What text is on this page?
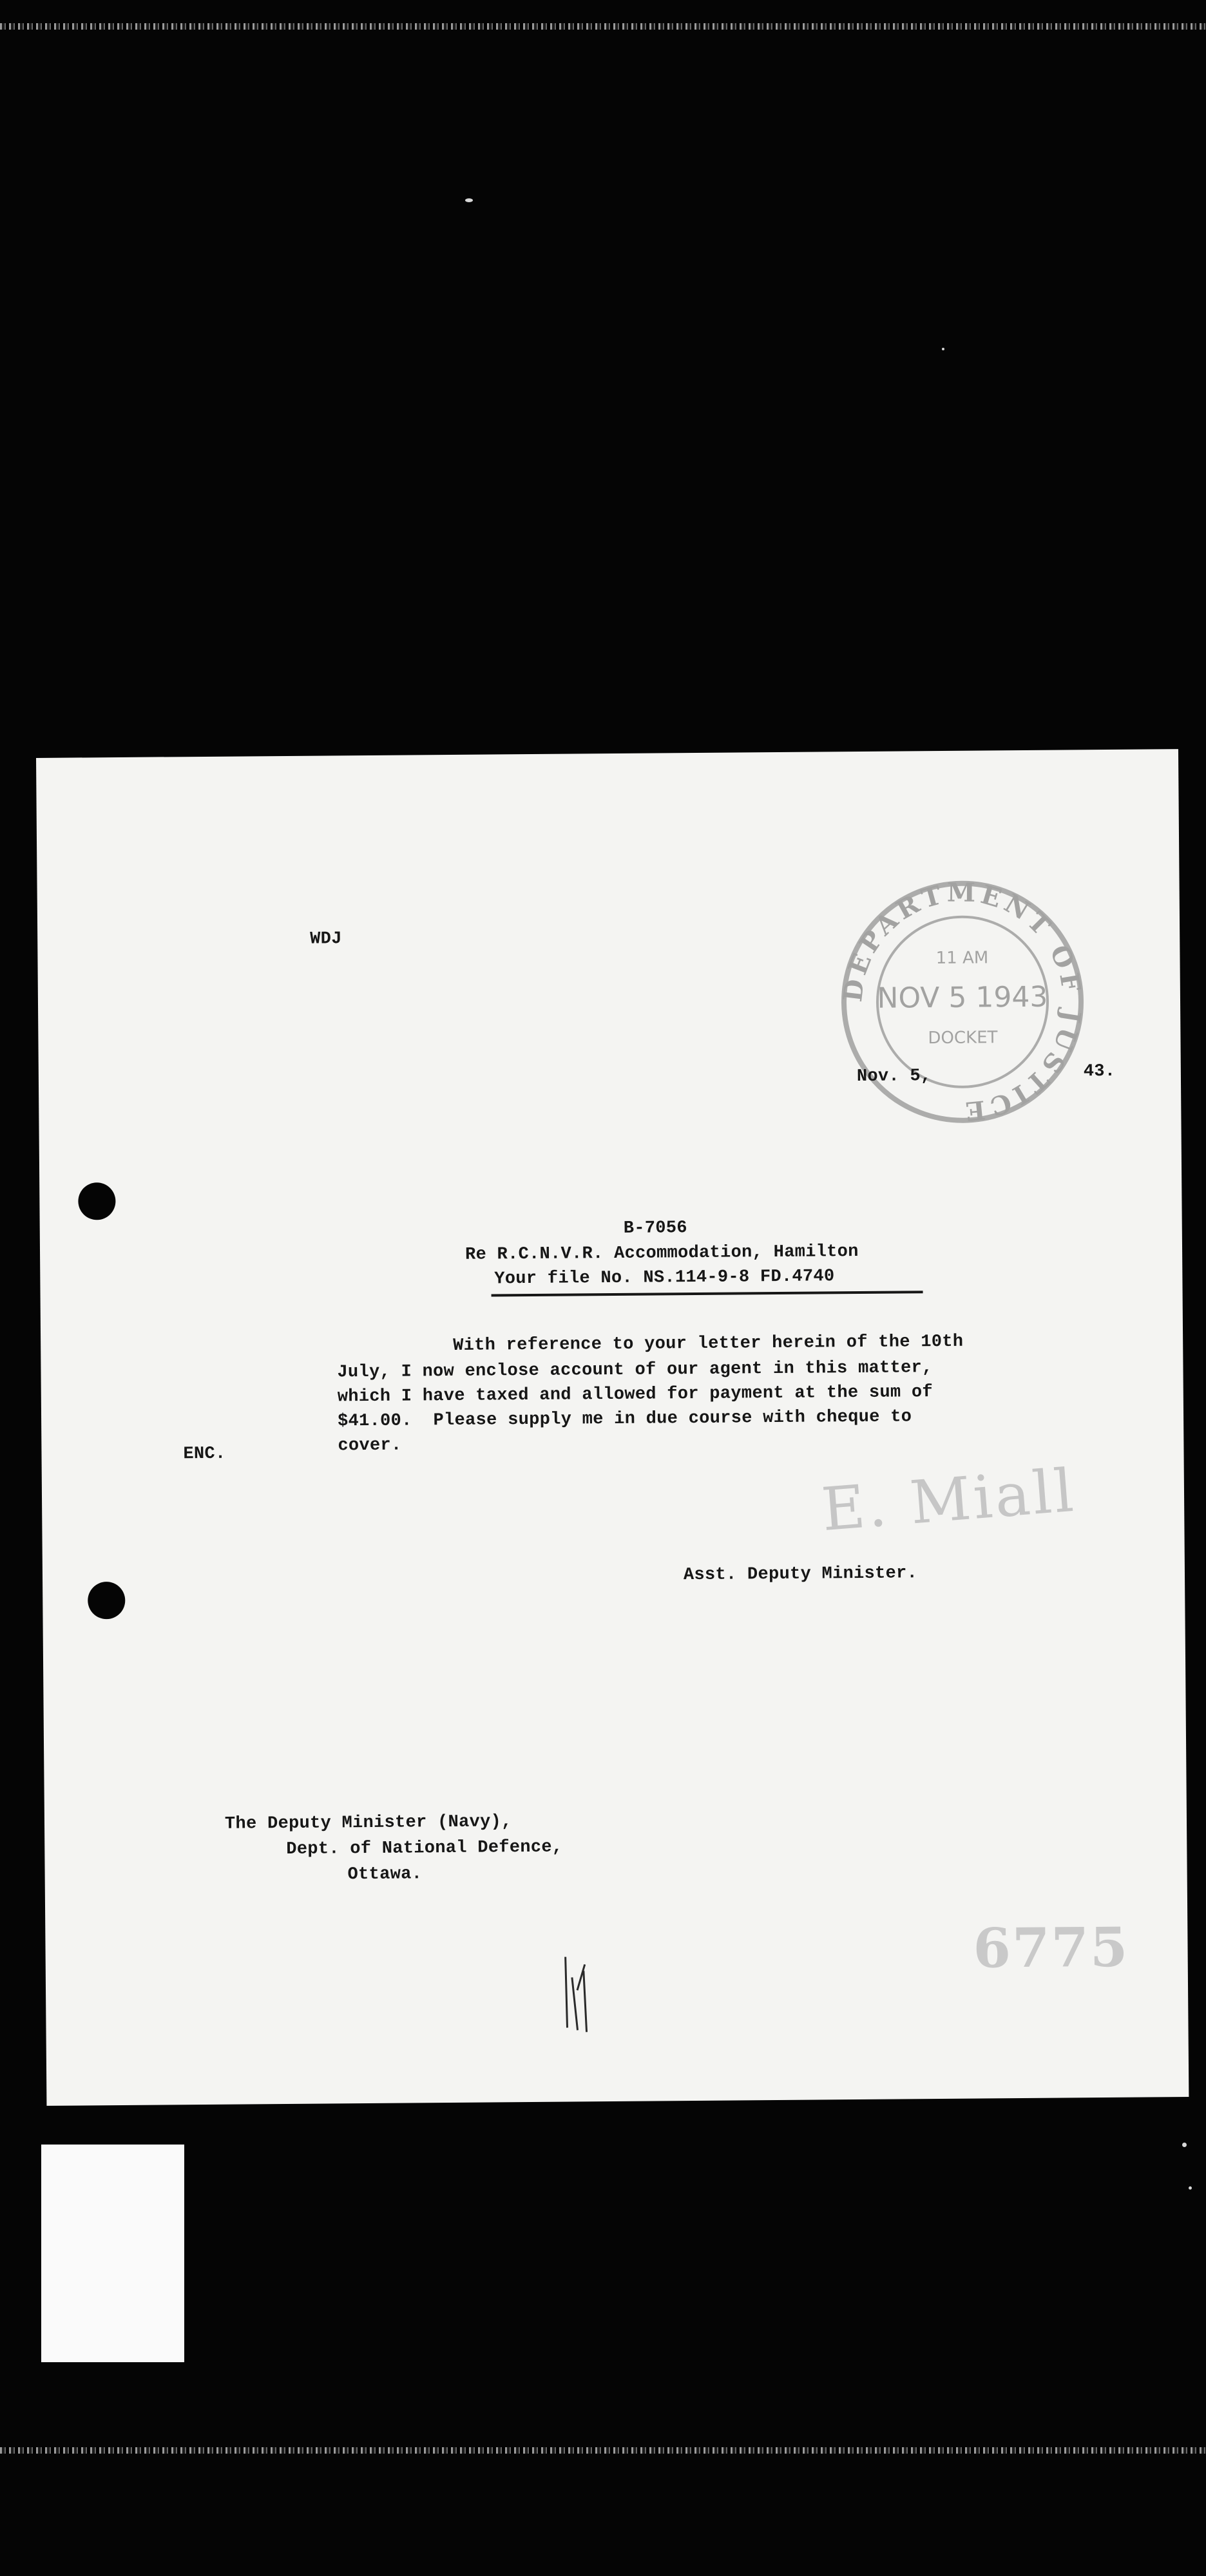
WDJ
DEPARTMENT OF JUSTICE
11 AM
NOV 5 1943
DOCKET
Nov. 5,	43.
B-7056
Re R.C.N.V.R. Accommodation, Hamilton
Your file No. NS.114-9-8 FD.4740
With reference to your letter herein of the 10th
July, I now enclose account of our agent in this matter,
which I have taxed and allowed for payment at the sum of
$41.00.  Please supply me in due course with cheque to
cover.
ENC.
E. Miall
Asst. Deputy Minister.
The Deputy Minister (Navy),
Dept. of National Defence,
Ottawa.
6775
